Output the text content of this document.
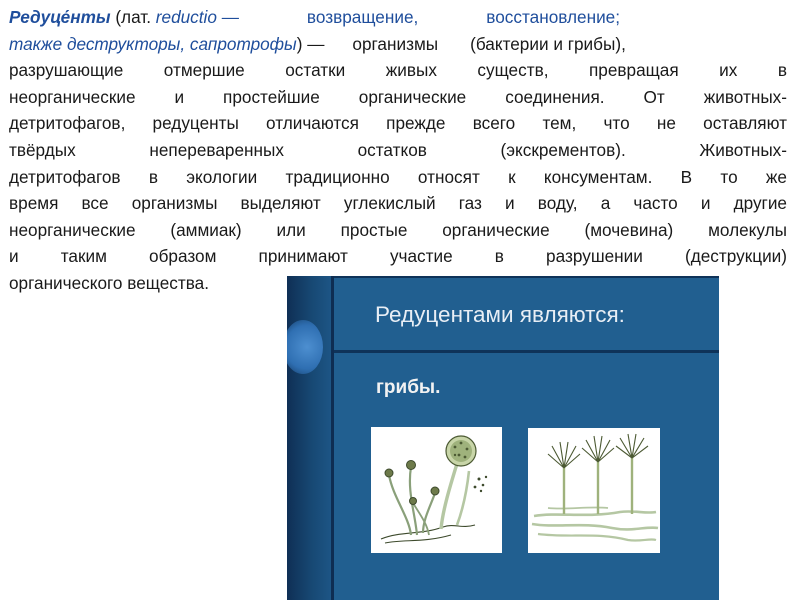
Редуце́нты (лат. reductio —	возвращение,	восстановление;
также деструкторы, сапротрофы) — организмы (бактерии и грибы),
разрушающие отмершие остатки живых существ, превращая их в
неорганические и простейшие органические соединения. От животных-
детритофагов, редуценты отличаются прежде всего тем, что не оставляют
твёрдых непереваренных остатков (экскрементов). Животных-
детритофагов в экологии традиционно относят к консументам. В то же
время все организмы выделяют углекислый газ и воду, а часто и другие
неорганические (аммиак) или простые органические (мочевина) молекулы
и таким образом принимают участие в разрушении (деструкции)
органического вещества.
Редуцентами являются:
грибы.
